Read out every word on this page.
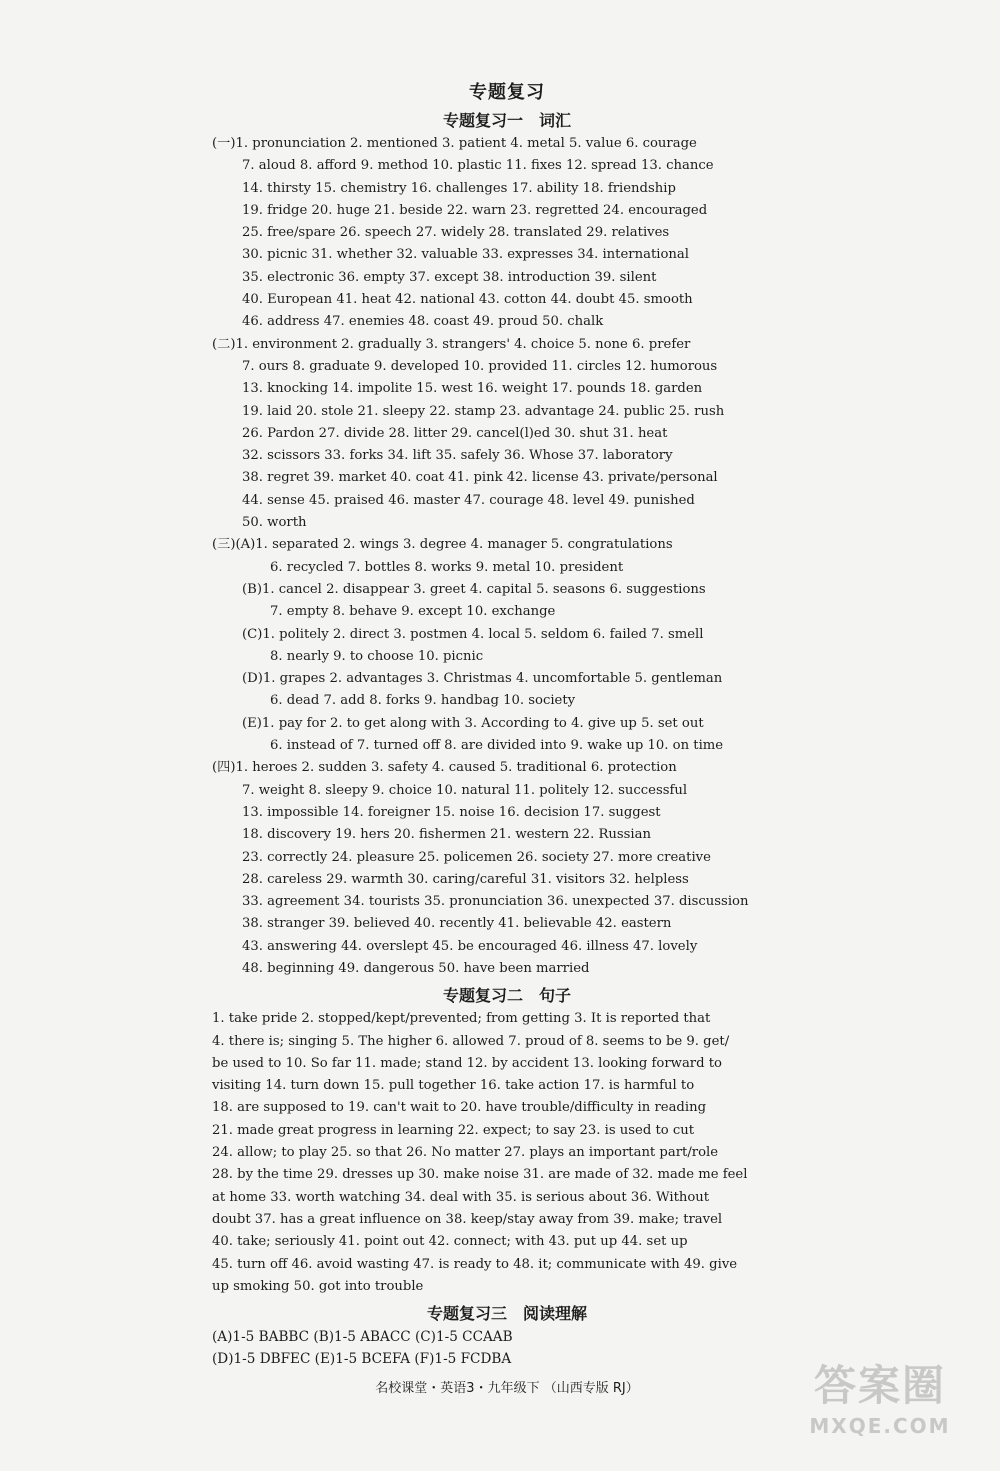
专题复习
专题复习一　词汇
(一)1. pronunciation 2. mentioned 3. patient 4. metal 5. value 6. courage
7. aloud 8. afford 9. method 10. plastic 11. fixes 12. spread 13. chance
14. thirsty 15. chemistry 16. challenges 17. ability 18. friendship
19. fridge 20. huge 21. beside 22. warn 23. regretted 24. encouraged
25. free/spare 26. speech 27. widely 28. translated 29. relatives
30. picnic 31. whether 32. valuable 33. expresses 34. international
35. electronic 36. empty 37. except 38. introduction 39. silent
40. European 41. heat 42. national 43. cotton 44. doubt 45. smooth
46. address 47. enemies 48. coast 49. proud 50. chalk
(二)1. environment 2. gradually 3. strangers' 4. choice 5. none 6. prefer
7. ours 8. graduate 9. developed 10. provided 11. circles 12. humorous
13. knocking 14. impolite 15. west 16. weight 17. pounds 18. garden
19. laid 20. stole 21. sleepy 22. stamp 23. advantage 24. public 25. rush
26. Pardon 27. divide 28. litter 29. cancel(l)ed 30. shut 31. heat
32. scissors 33. forks 34. lift 35. safely 36. Whose 37. laboratory
38. regret 39. market 40. coat 41. pink 42. license 43. private/personal
44. sense 45. praised 46. master 47. courage 48. level 49. punished
50. worth
(三)(A)1. separated 2. wings 3. degree 4. manager 5. congratulations
6. recycled 7. bottles 8. works 9. metal 10. president
(B)1. cancel 2. disappear 3. greet 4. capital 5. seasons 6. suggestions
7. empty 8. behave 9. except 10. exchange
(C)1. politely 2. direct 3. postmen 4. local 5. seldom 6. failed 7. smell
8. nearly 9. to choose 10. picnic
(D)1. grapes 2. advantages 3. Christmas 4. uncomfortable 5. gentleman
6. dead 7. add 8. forks 9. handbag 10. society
(E)1. pay for 2. to get along with 3. According to 4. give up 5. set out
6. instead of 7. turned off 8. are divided into 9. wake up 10. on time
(四)1. heroes 2. sudden 3. safety 4. caused 5. traditional 6. protection
7. weight 8. sleepy 9. choice 10. natural 11. politely 12. successful
13. impossible 14. foreigner 15. noise 16. decision 17. suggest
18. discovery 19. hers 20. fishermen 21. western 22. Russian
23. correctly 24. pleasure 25. policemen 26. society 27. more creative
28. careless 29. warmth 30. caring/careful 31. visitors 32. helpless
33. agreement 34. tourists 35. pronunciation 36. unexpected 37. discussion
38. stranger 39. believed 40. recently 41. believable 42. eastern
43. answering 44. overslept 45. be encouraged 46. illness 47. lovely
48. beginning 49. dangerous 50. have been married
专题复习二　句子
1. take pride 2. stopped/kept/prevented; from getting 3. It is reported that
4. there is; singing 5. The higher 6. allowed 7. proud of 8. seems to be 9. get/
be used to 10. So far 11. made; stand 12. by accident 13. looking forward to
visiting 14. turn down 15. pull together 16. take action 17. is harmful to
18. are supposed to 19. can't wait to 20. have trouble/difficulty in reading
21. made great progress in learning 22. expect; to say 23. is used to cut
24. allow; to play 25. so that 26. No matter 27. plays an important part/role
28. by the time 29. dresses up 30. make noise 31. are made of 32. made me feel
at home 33. worth watching 34. deal with 35. is serious about 36. Without
doubt 37. has a great influence on 38. keep/stay away from 39. make; travel
40. take; seriously 41. point out 42. connect; with 43. put up 44. set up
45. turn off 46. avoid wasting 47. is ready to 48. it; communicate with 49. give
up smoking 50. got into trouble
专题复习三　阅读理解
(A)1-5 BABBC (B)1-5 ABACC (C)1-5 CCAAB
(D)1-5 DBFEC (E)1-5 BCEFA (F)1-5 FCDBA
名校课堂・英语3・九年级下 （山西专版 RJ）	答案圈
MXQE.COM
